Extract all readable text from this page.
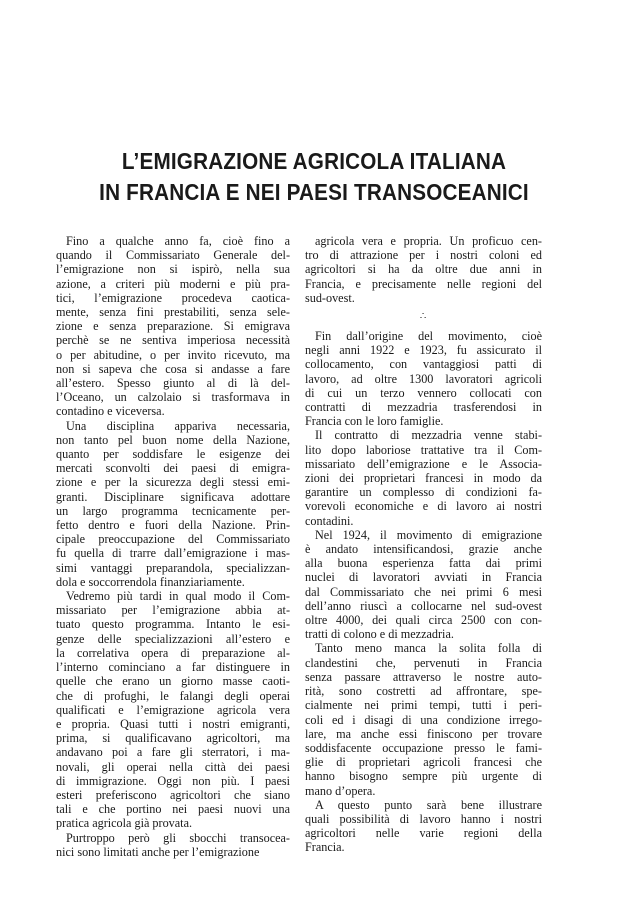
L’EMIGRAZIONE AGRICOLA ITALIANA
IN FRANCIA E NEI PAESI TRANSOCEANICI

Fino a qualche anno fa, cioè fino a
quando il Commissariato Generale del-
l’emigrazione non si ispirò, nella sua
azione, a criteri più moderni e più pra-
tici, l’emigrazione procedeva caotica-
mente, senza fini prestabiliti, senza sele-
zione e senza preparazione. Si emigrava
perchè se ne sentiva imperiosa necessità
o per abitudine, o per invito ricevuto, ma
non si sapeva che cosa si andasse a fare
all’estero. Spesso giunto al di là del-
l’Oceano, un calzolaio si trasformava in
contadino e viceversa.

Una disciplina appariva necessaria,
non tanto pel buon nome della Nazione,
quanto per soddisfare le esigenze dei
mercati sconvolti dei paesi di emigra-
zione e per la sicurezza degli stessi emi-
granti. Disciplinare significava adottare
un largo programma tecnicamente per-
fetto dentro e fuori della Nazione. Prin-
cipale preoccupazione del Commissariato
fu quella di trarre dall’emigrazione i mas-
simi vantaggi preparandola, specializzan-
dola e soccorrendola finanziariamente.

Vedremo più tardi in qual modo il Com-
missariato per l’emigrazione abbia at-
tuato questo programma. Intanto le esi-
genze delle specializzazioni all’estero e
la correlativa opera di preparazione al-
l’interno cominciano a far distinguere in
quelle che erano un giorno masse caoti-
che di profughi, le falangi degli operai
qualificati e l’emigrazione agricola vera
e propria. Quasi tutti i nostri emigranti,
prima, si qualificavano agricoltori, ma
andavano poi a fare gli sterratori, i ma-
novali, gli operai nella città dei paesi
di immigrazione. Oggi non più. I paesi
esteri preferiscono agricoltori che siano
tali e che portino nei paesi nuovi una
pratica agricola già provata.

Purtroppo però gli sbocchi transocea-
nici sono limitati anche per l’emigrazione

agricola vera e propria. Un proficuo cen-
tro di attrazione per i nostri coloni ed
agricoltori si ha da oltre due anni in
Francia, e precisamente nelle regioni del
sud-ovest.

∴

Fin dall’origine del movimento, cioè
negli anni 1922 e 1923, fu assicurato il
collocamento, con vantaggiosi patti di
lavoro, ad oltre 1300 lavoratori agricoli
di cui un terzo vennero collocati con
contratti di mezzadria trasferendosi in
Francia con le loro famiglie.

Il contratto di mezzadria venne stabi-
lito dopo laboriose trattative tra il Com-
missariato dell’emigrazione e le Associa-
zioni dei proprietari francesi in modo da
garantire un complesso di condizioni fa-
vorevoli economiche e di lavoro ai nostri
contadini.

Nel 1924, il movimento di emigrazione
è andato intensificandosi, grazie anche
alla buona esperienza fatta dai primi
nuclei di lavoratori avviati in Francia
dal Commissariato che nei primi 6 mesi
dell’anno riuscì a collocarne nel sud-ovest
oltre 4000, dei quali circa 2500 con con-
tratti di colono e di mezzadria.

Tanto meno manca la solita folla di
clandestini che, pervenuti in Francia
senza passare attraverso le nostre auto-
rità, sono costretti ad affrontare, spe-
cialmente nei primi tempi, tutti i peri-
coli ed i disagi di una condizione irrego-
lare, ma anche essi finiscono per trovare
soddisfacente occupazione presso le fami-
glie di proprietari agricoli francesi che
hanno bisogno sempre più urgente di
mano d’opera.

A questo punto sarà bene illustrare
quali possibilità di lavoro hanno i nostri
agricoltori nelle varie regioni della
Francia.
